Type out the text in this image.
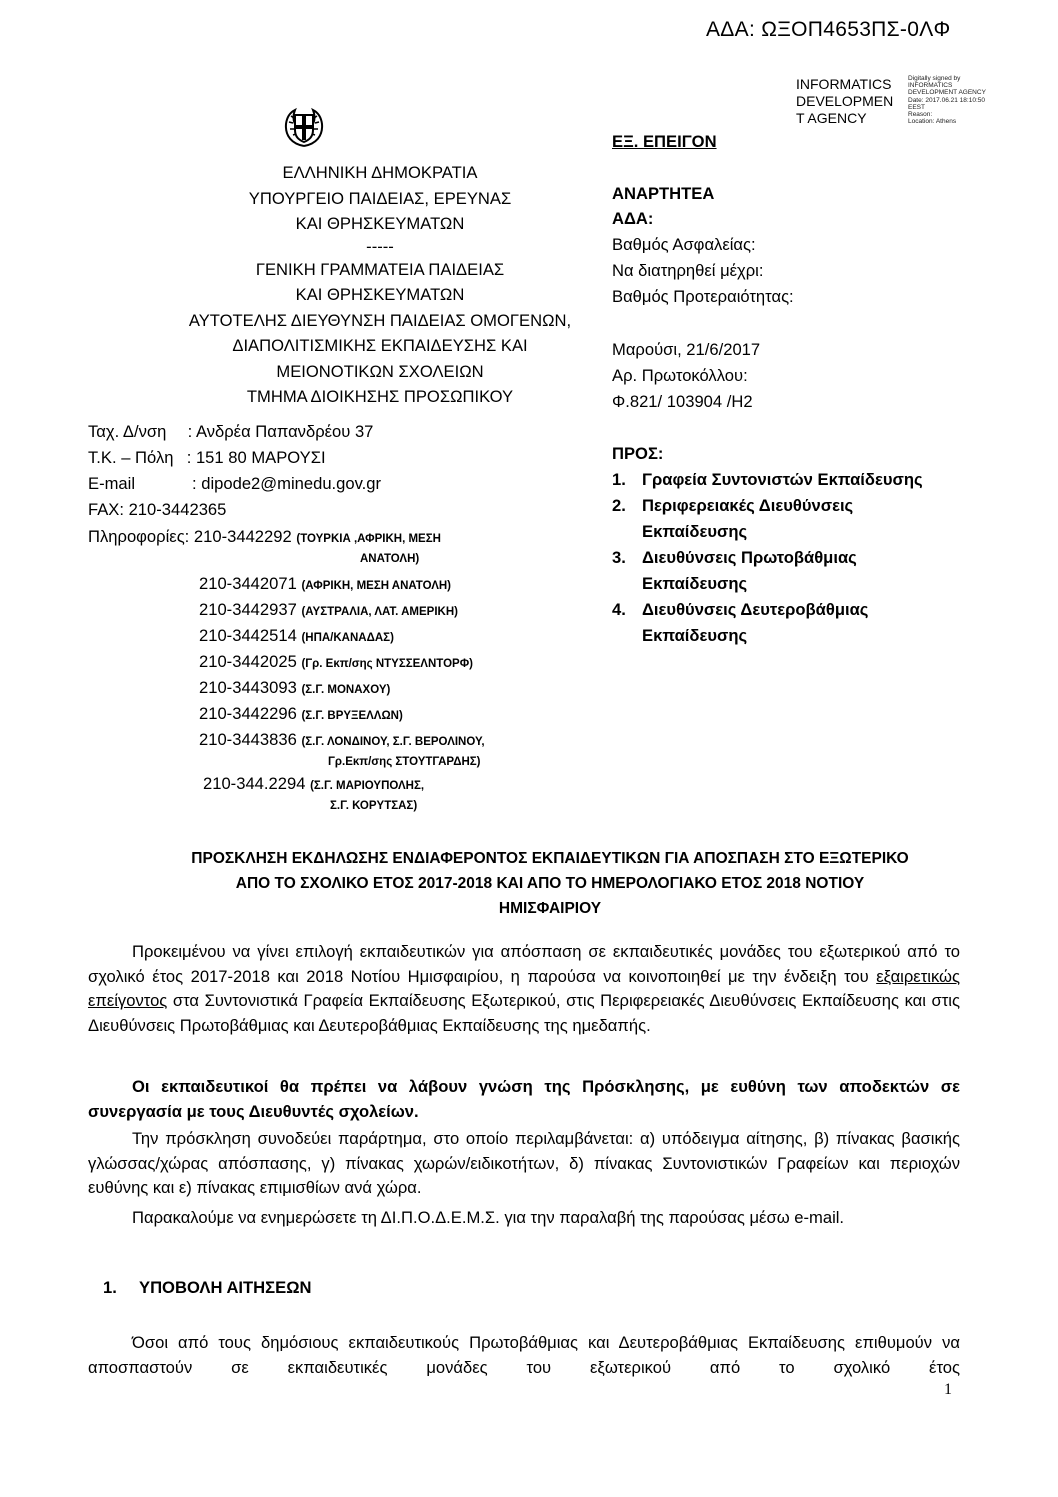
ΑΔΑ: ΩΞΟΠ4653ΠΣ-0ΛΦ
INFORMATICS
DEVELOPMEN
T AGENCY
Digitally signed by
INFORMATICS
DEVELOPMENT AGENCY
Date: 2017.06.21 18:10:50
EEST
Reason:
Location: Athens
ΕΛΛΗΝΙΚΗ ΔΗΜΟΚΡΑΤΙΑ
ΥΠΟΥΡΓΕΙΟ ΠΑΙΔΕΙΑΣ, ΕΡΕΥΝΑΣ
ΚΑΙ ΘΡΗΣΚΕΥΜΑΤΩΝ
-----
ΓΕΝΙΚΗ ΓΡΑΜΜΑΤΕΙΑ ΠΑΙΔΕΙΑΣ
ΚΑΙ ΘΡΗΣΚΕΥΜΑΤΩΝ
ΑΥΤΟΤΕΛΗΣ ΔΙΕΥΘΥΝΣΗ ΠΑΙΔΕΙΑΣ ΟΜΟΓΕΝΩΝ,
ΔΙΑΠΟΛΙΤΙΣΜΙΚΗΣ ΕΚΠΑΙΔΕΥΣΗΣ ΚΑΙ
ΜΕΙΟΝΟΤΙΚΩΝ ΣΧΟΛΕΙΩΝ
ΤΜΗΜΑ ΔΙΟΙΚΗΣΗΣ ΠΡΟΣΩΠΙΚΟΥ
Ταχ. Δ/νση : Ανδρέα Παπανδρέου 37
Τ.Κ. – Πόλη : 151 80 ΜΑΡΟΥΣΙ
E-mail	: dipode2@minedu.gov.gr
FAX: 210-3442365
Πληροφορίες: 210-3442292 (ΤΟΥΡΚΙΑ ,ΑΦΡΙΚΗ, ΜΕΣΗ
ΑΝΑΤΟΛΗ)
210-3442071 (ΑΦΡΙΚΗ, ΜΕΣΗ ΑΝΑΤΟΛΗ)
210-3442937 (ΑΥΣΤΡΑΛΙΑ, ΛΑΤ. ΑΜΕΡΙΚΗ)
210-3442514 (ΗΠΑ/ΚΑΝΑΔΑΣ)
210-3442025 (Γρ. Εκπ/σης ΝΤΥΣΣΕΛΝΤΟΡΦ)
210-3443093 (Σ.Γ. ΜΟΝΑΧΟΥ)
210-3442296 (Σ.Γ. ΒΡΥΞΕΛΛΩΝ)
210-3443836 (Σ.Γ. ΛΟΝΔΙΝΟΥ, Σ.Γ. ΒΕΡΟΛΙΝΟΥ,
Γρ.Εκπ/σης ΣΤΟΥΤΓΑΡΔΗΣ)
210-344.2294 (Σ.Γ. ΜΑΡΙΟΥΠΟΛΗΣ,
Σ.Γ. ΚΟΡΥΤΣΑΣ)
ΕΞ. ΕΠΕΙΓΟΝ
ΑΝΑΡΤΗΤΕΑ
ΑΔΑ:
Βαθμός Ασφαλείας:
Να διατηρηθεί μέχρι:
Βαθμός Προτεραιότητας:
Μαρούσι, 21/6/2017
Αρ. Πρωτοκόλλου:
Φ.821/ 103904 /Η2
ΠΡΟΣ:
1. Γραφεία Συντονιστών Εκπαίδευσης
2. Περιφερειακές Διευθύνσεις
Εκπαίδευσης
3. Διευθύνσεις Πρωτοβάθμιας
Εκπαίδευσης
4. Διευθύνσεις Δευτεροβάθμιας
Εκπαίδευσης
ΠΡΟΣΚΛΗΣΗ ΕΚΔΗΛΩΣΗΣ ΕΝΔΙΑΦΕΡΟΝΤΟΣ ΕΚΠΑΙΔΕΥΤΙΚΩΝ ΓΙΑ ΑΠΟΣΠΑΣΗ ΣΤΟ ΕΞΩΤΕΡΙΚΟ
ΑΠΟ ΤΟ ΣΧΟΛΙΚΟ ΕΤΟΣ 2017-2018 ΚΑΙ ΑΠΟ ΤΟ ΗΜΕΡΟΛΟΓΙΑΚΟ ΕΤΟΣ 2018 ΝΟΤΙΟΥ
ΗΜΙΣΦΑΙΡΙΟΥ
Προκειμένου να γίνει επιλογή εκπαιδευτικών για απόσπαση σε εκπαιδευτικές μονάδες του εξωτερικού από το σχολικό έτος 2017-2018 και 2018 Νοτίου Ημισφαιρίου, η παρούσα να κοινοποιηθεί με την ένδειξη του εξαιρετικώς επείγοντος στα Συντονιστικά Γραφεία Εκπαίδευσης Εξωτερικού, στις Περιφερειακές Διευθύνσεις Εκπαίδευσης και στις Διευθύνσεις Πρωτοβάθμιας και Δευτεροβάθμιας Εκπαίδευσης της ημεδαπής.
Οι εκπαιδευτικοί θα πρέπει να λάβουν γνώση της Πρόσκλησης, με ευθύνη των αποδεκτών σε συνεργασία με τους Διευθυντές σχολείων.
Την πρόσκληση συνοδεύει παράρτημα, στο οποίο περιλαμβάνεται: α) υπόδειγμα αίτησης, β) πίνακας βασικής γλώσσας/χώρας απόσπασης, γ) πίνακας χωρών/ειδικοτήτων, δ) πίνακας Συντονιστικών Γραφείων και περιοχών ευθύνης και ε) πίνακας επιμισθίων ανά χώρα.
Παρακαλούμε να ενημερώσετε τη ΔΙ.Π.Ο.Δ.Ε.Μ.Σ. για την παραλαβή της παρούσας μέσω e-mail.
1. ΥΠΟΒΟΛΗ ΑΙΤΗΣΕΩΝ
Όσοι από τους δημόσιους εκπαιδευτικούς Πρωτοβάθμιας και Δευτεροβάθμιας Εκπαίδευσης επιθυμούν να αποσπαστούν σε εκπαιδευτικές μονάδες του εξωτερικού από το σχολικό έτος
1
